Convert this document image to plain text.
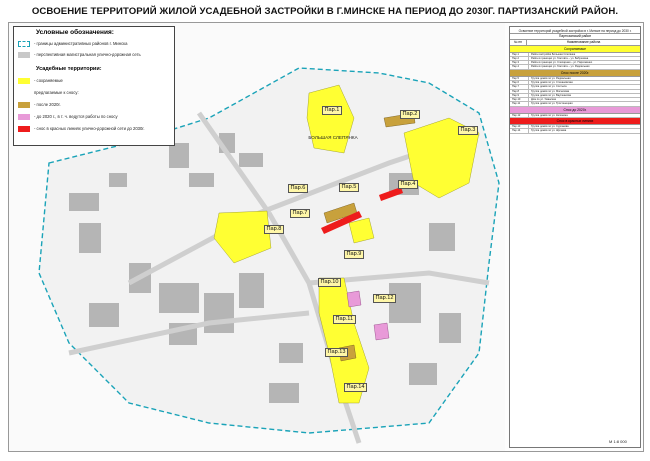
ОСВОЕНИЕ ТЕРРИТОРИЙ ЖИЛОЙ УСАДЕБНОЙ ЗАСТРОЙКИ В Г.МИНСКЕ НА ПЕРИОД ДО 2030Г. ПАРТИЗАНСКИЙ РАЙОН.
БОЛЬШАЯ СЛЕПЯНКА
Пар.1
Пар.2
Пар.3
Пар.4
Пар.5
Пар.6
Пар.7
Пар.8
Пар.9
Пар.10
Пар.12
Пар.11
Пар.13
Пар.14
Условные обозначения:
- границы административных районов г. Минска
- перспективная магистральная улично-дорожная сеть
Усадебные территории:
- сохраняемые
предлагаемые к сносу:
- после 2020г.
- до 2020 г., в т. ч. ведутся работы по сносу
- снос в красных линиях улично-дорожной сети до 2030г.
Освоение территорий усадебной застройки в г. Минске на период до 2030 г.
Партизанский район
№ пп	Наименование района
Сохраняемые
Пар.1	Район застройки Большая Слепянка
Пар.2	Район в границах ул. Гинтовта – ул. Бабушкина
Пар.3	Район в границах ул. Слесарная – ул. Пархоменко
Пар.4	Район в границах ул. Гинтовта – ул. Радиальная
Снос после 2020г.
Пар.5	Группа домов по ул. Радиальная
Пар.6	Группа домов по ул. Стахановская
Пар.7	Группа домов по ул. Солтыса
Пар.8	Группа домов по ул. Мясникова
Пар.9	Группа домов по ул. Ваупшасова
Пар.10	Дом по ул. Уманская
Пар.11	Группа домов по ул. Тростенецкая
Снос до 2020г.
Пар.12	Группа домов по ул. Калинина
Снос в красных линиях
Пар.13	Группа домов по ул. Сурганова
Пар.14	Группа домов по ул. Шугаева
М 1:8 000
